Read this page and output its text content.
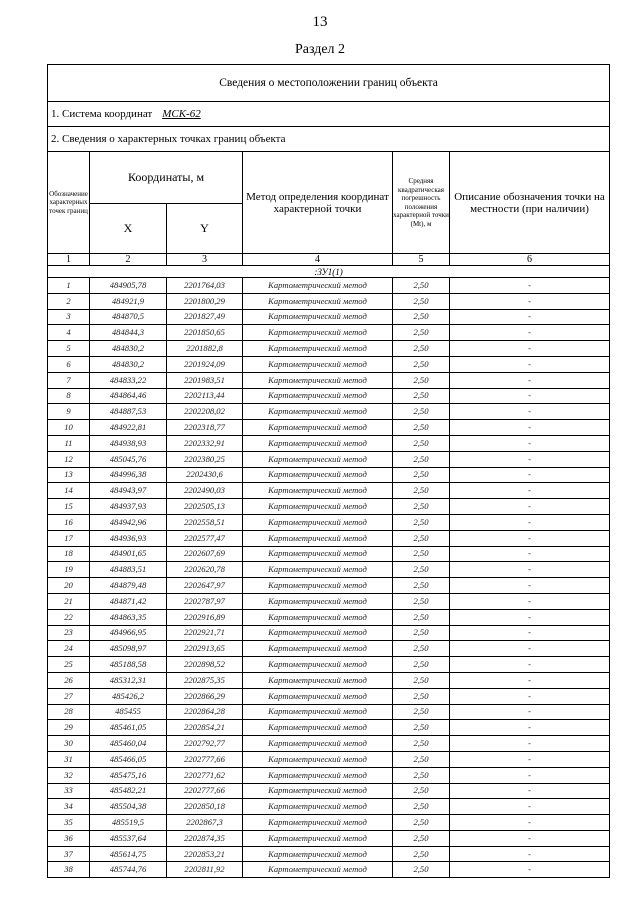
13
Раздел 2
Сведения о местоположении границ объекта					
1. Система координат МСК-62					
2. Сведения о характерных точках границ объекта					
Обозначение характерных точек границ	Координаты, м		Метод определения координат характерной точки	Средняя квадратическая погрешность положения характерной точки (Mt), м	Описание обозначения точки на местности (при наличии)
	X	Y			
1	2	3	4	5	6
:ЗУ1(1)					
1	484905,78	2201764,03	Картометрический метод	2,50	-
2	484921,9	2201800,29	Картометрический метод	2,50	-
3	484870,5	2201827,49	Картометрический метод	2,50	-
4	484844,3	2201850,65	Картометрический метод	2,50	-
5	484830,2	2201882,8	Картометрический метод	2,50	-
6	484830,2	2201924,09	Картометрический метод	2,50	-
7	484833,22	2201983,51	Картометрический метод	2,50	-
8	484864,46	2202113,44	Картометрический метод	2,50	-
9	484887,53	2202208,02	Картометрический метод	2,50	-
10	484922,81	2202318,77	Картометрический метод	2,50	-
11	484938,93	2202332,91	Картометрический метод	2,50	-
12	485045,76	2202380,25	Картометрический метод	2,50	-
13	484996,38	2202430,6	Картометрический метод	2,50	-
14	484943,97	2202490,03	Картометрический метод	2,50	-
15	484937,93	2202505,13	Картометрический метод	2,50	-
16	484942,96	2202558,51	Картометрический метод	2,50	-
17	484936,93	2202577,47	Картометрический метод	2,50	-
18	484901,65	2202607,69	Картометрический метод	2,50	-
19	484883,51	2202620,78	Картометрический метод	2,50	-
20	484879,48	2202647,97	Картометрический метод	2,50	-
21	484871,42	2202787,97	Картометрический метод	2,50	-
22	484863,35	2202916,89	Картометрический метод	2,50	-
23	484966,95	2202921,71	Картометрический метод	2,50	-
24	485098,97	2202913,65	Картометрический метод	2,50	-
25	485188,58	2202898,52	Картометрический метод	2,50	-
26	485312,31	2202875,35	Картометрический метод	2,50	-
27	485426,2	2202866,29	Картометрический метод	2,50	-
28	485455	2202864,28	Картометрический метод	2,50	-
29	485461,05	2202854,21	Картометрический метод	2,50	-
30	485460,04	2202792,77	Картометрический метод	2,50	-
31	485466,05	2202777,66	Картометрический метод	2,50	-
32	485475,16	2202771,62	Картометрический метод	2,50	-
33	485482,21	2202777,66	Картометрический метод	2,50	-
34	485504,38	2202850,18	Картометрический метод	2,50	-
35	485519,5	2202867,3	Картометрический метод	2,50	-
36	485537,64	2202874,35	Картометрический метод	2,50	-
37	485614,75	2202853,21	Картометрический метод	2,50	-
38	485744,76	2202811,92	Картометрический метод	2,50	-
